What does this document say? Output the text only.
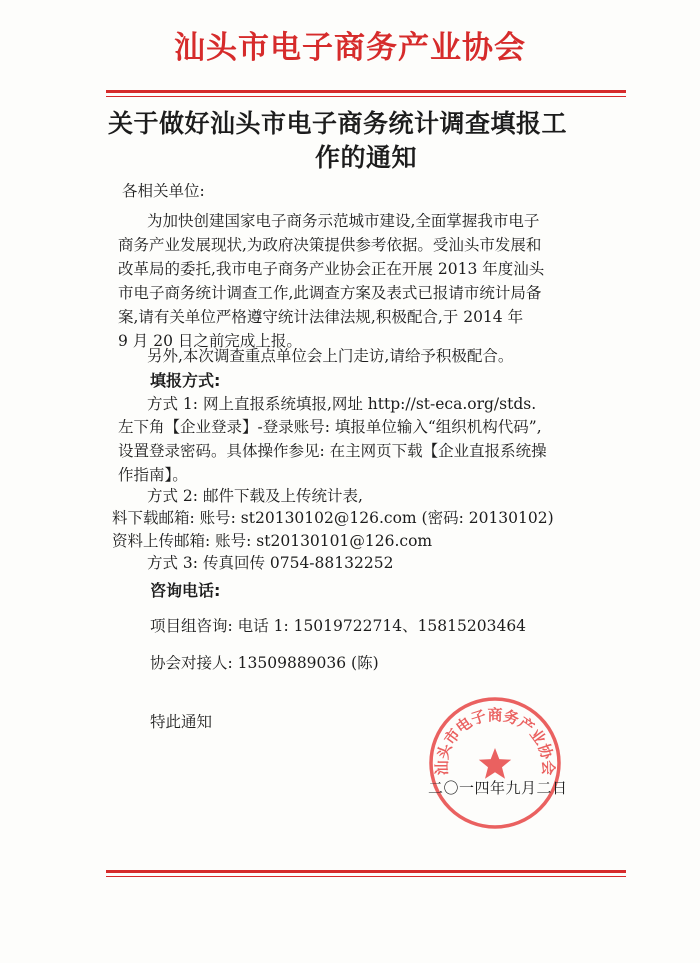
汕头市电子商务产业协会
关于做好汕头市电子商务统计调查填报工
作的通知
各相关单位:
为加快创建国家电子商务示范城市建设,全面掌握我市电子
商务产业发展现状,为政府决策提供参考依据。受汕头市发展和
改革局的委托,我市电子商务产业协会正在开展 2013 年度汕头
市电子商务统计调查工作,此调查方案及表式已报请市统计局备
案,请有关单位严格遵守统计法律法规,积极配合,于 2014 年
9 月 20 日之前完成上报。
另外,本次调查重点单位会上门走访,请给予积极配合。
填报方式:
方式 1: 网上直报系统填报,网址 http://st-eca.org/stds.
左下角【企业登录】-登录账号: 填报单位输入“组织机构代码”,
设置登录密码。具体操作参见: 在主网页下载【企业直报系统操
作指南】。
方式 2: 邮件下载及上传统计表,
料下载邮箱: 账号: st20130102@126.com (密码: 20130102)
资料上传邮箱: 账号: st20130101@126.com
方式 3: 传真回传 0754-88132252
咨询电话:
项目组咨询: 电话 1: 15019722714、15815203464
协会对接人: 13509889036 (陈)
特此通知
汕头市电子商务产业协会
二〇一四年九月二日
